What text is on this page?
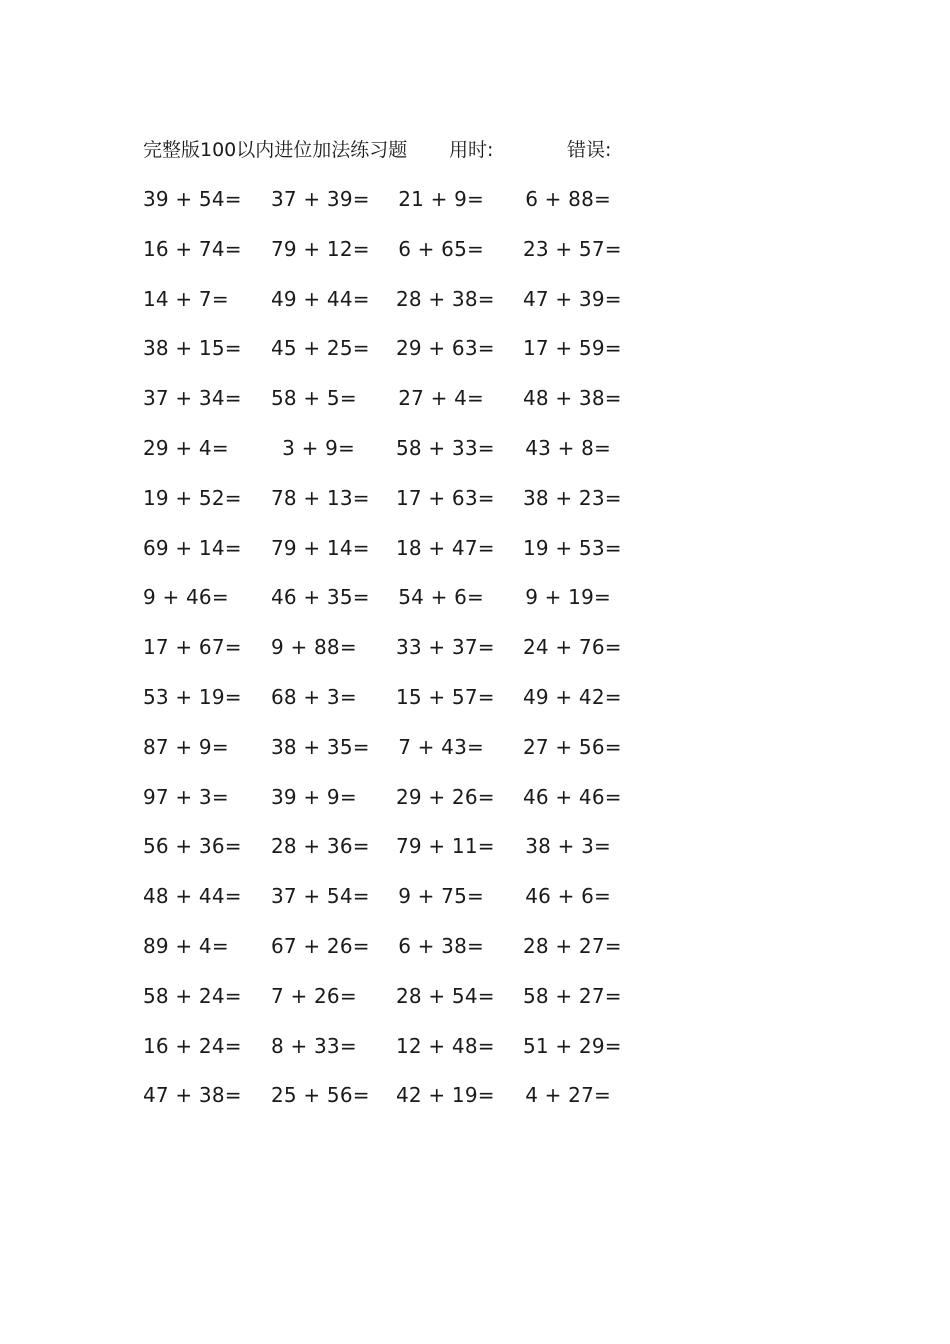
完整版100以内进位加法练习题 用时:	错误:
39 + 54= 37 + 39= 21 + 9= 6 + 88=
16 + 74= 79 + 12= 6 + 65= 23 + 57=
14 + 7= 49 + 44= 28 + 38= 47 + 39=
38 + 15= 45 + 25= 29 + 63= 17 + 59=
37 + 34= 58 + 5= 27 + 4= 48 + 38=
29 + 4=	3 + 9= 58 + 33= 43 + 8=
19 + 52= 78 + 13= 17 + 63= 38 + 23=
69 + 14= 79 + 14= 18 + 47= 19 + 53=
9 + 46= 46 + 35= 54 + 6= 9 + 19=
17 + 67= 9 + 88= 33 + 37= 24 + 76=
53 + 19= 68 + 3= 15 + 57= 49 + 42=
87 + 9= 38 + 35= 7 + 43= 27 + 56=
97 + 3= 39 + 9= 29 + 26= 46 + 46=
56 + 36= 28 + 36= 79 + 11= 38 + 3=
48 + 44= 37 + 54= 9 + 75= 46 + 6=
89 + 4= 67 + 26= 6 + 38= 28 + 27=
58 + 24= 7 + 26= 28 + 54= 58 + 27=
16 + 24= 8 + 33= 12 + 48= 51 + 29=
47 + 38= 25 + 56= 42 + 19= 4 + 27=
